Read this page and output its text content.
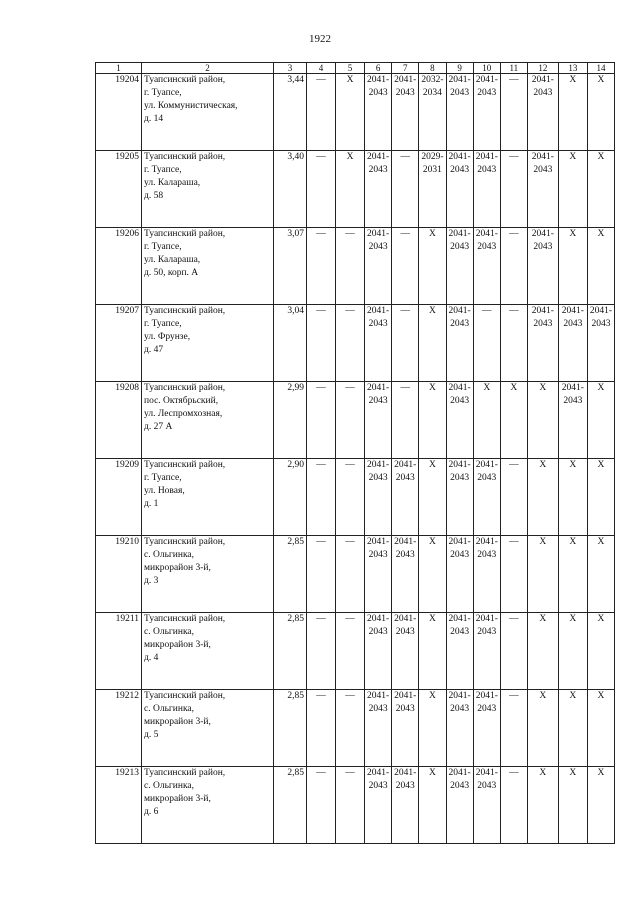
1922
1	2	3	4	5	6	7	8	9	10	11	12	13	14
19204	Туапсинский район,
г. Туапсе,
ул. Коммунистическая,
д. 14	3,44	—	X	2041-
2043	2041-
2043	2032-
2034	2041-
2043	2041-
2043	—	2041-
2043	X	X
19205	Туапсинский район,
г. Туапсе,
ул. Калараша,
д. 58	3,40	—	X	2041-
2043	—	2029-
2031	2041-
2043	2041-
2043	—	2041-
2043	X	X
19206	Туапсинский район,
г. Туапсе,
ул. Калараша,
д. 50, корп. А	3,07	—	—	2041-
2043	—	X	2041-
2043	2041-
2043	—	2041-
2043	X	X
19207	Туапсинский район,
г. Туапсе,
ул. Фрунзе,
д. 47	3,04	—	—	2041-
2043	—	X	2041-
2043	—	—	2041-
2043	2041-
2043	2041-
2043

19208	Туапсинский район,
пос. Октябрьский,
ул. Леспромхозная,
д. 27 А	2,99	—	—	2041-
2043	—	X	2041-
2043	X	X	X	2041-
2043	X
19209	Туапсинский район,
г. Туапсе,
ул. Новая,
д. 1	2,90	—	—	2041-
2043	2041-
2043	X	2041-
2043	2041-
2043	—	X	X	X
19210	Туапсинский район,
с. Ольгинка,
микрорайон 3-й,
д. 3	2,85	—	—	2041-
2043	2041-
2043	X	2041-
2043	2041-
2043	—	X	X	X
19211	Туапсинский район,
с. Ольгинка,
микрорайон 3-й,
д. 4	2,85	—	—	2041-
2043	2041-
2043	X	2041-
2043	2041-
2043	—	X	X	X
19212	Туапсинский район,
с. Ольгинка,
микрорайон 3-й,
д. 5	2,85	—	—	2041-
2043	2041-
2043	X	2041-
2043	2041-
2043	—	X	X	X
19213	Туапсинский район,
с. Ольгинка,
микрорайон 3-й,
д. 6	2,85	—	—	2041-
2043	2041-
2043	X	2041-
2043	2041-
2043	—	X	X	X
